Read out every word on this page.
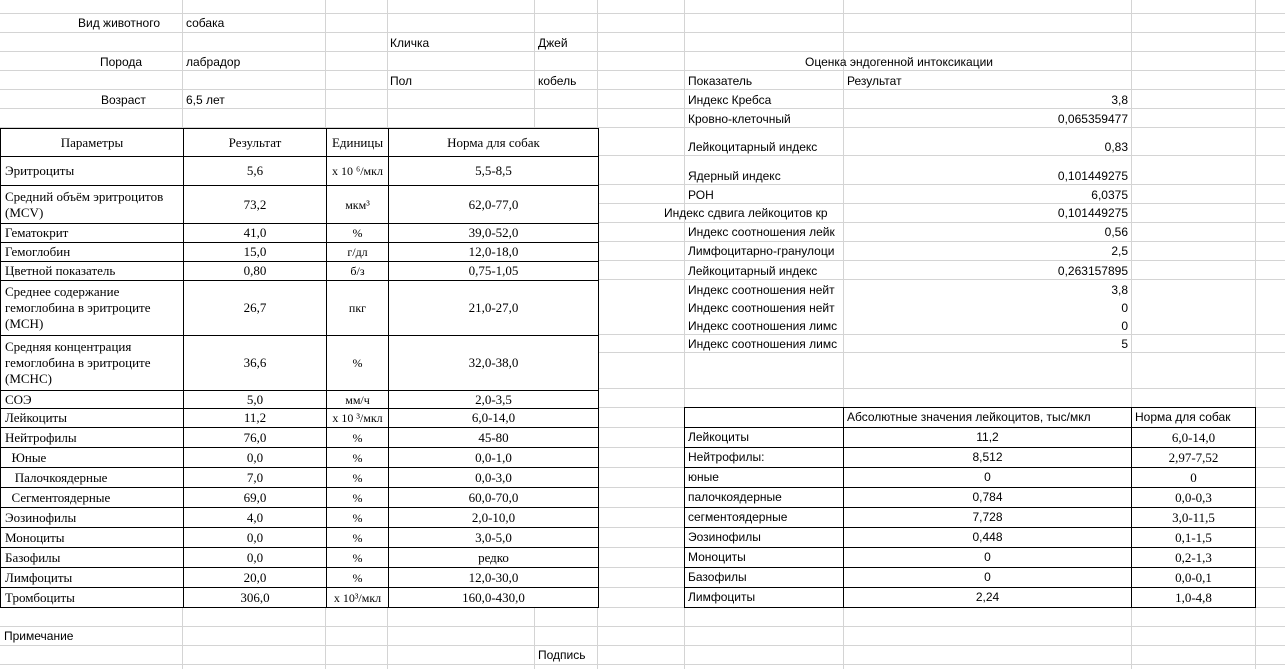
Вид животного собака
Порода	лабрадор
Возраст	6,5 лет
Кличка	Джей
Пол	кобель
Параметры	Результат	Единицы	Норма для собак
Эритроциты	5,6	x 10 ⁶/мкл	5,5-8,5
Средний объём эритроцитов (MCV)	73,2	мкм³	62,0-77,0
Гематокрит	41,0	%	39,0-52,0
Гемоглобин	15,0	г/дл	12,0-18,0
Цветной показатель	0,80	б/з	0,75-1,05
Среднее содержание гемоглобина в эритроците (MCH)	26,7	пкг	21,0-27,0
Средняя концентрация гемоглобина в эритроците (MCHC)	36,6	%	32,0-38,0
СОЭ	5,0	мм/ч	2,0-3,5
Лейкоциты	11,2	x 10 ³/мкл	6,0-14,0
Нейтрофилы	76,0	%	45-80
Юные	0,0	%	0,0-1,0
Палочкоядерные	7,0	%	0,0-3,0
Сегментоядерные	69,0	%	60,0-70,0
Эозинофилы	4,0	%	2,0-10,0
Моноциты	0,0	%	3,0-5,0
Базофилы	0,0	%	редко
Лимфоциты	20,0	%	12,0-30,0
Тромбоциты	306,0	x 10³/мкл	160,0-430,0
Оценка эндогенной интоксикации
Показатель	Результат
Индекс Кребса	3,8
Кровно-клеточный	0,065359477
Лейкоцитарный индекс	0,83
Ядерный индекс	0,101449275
РОН	6,0375
Индекс сдвига лейкоцитов кр	0,101449275
Индекс соотношения лейк	0,56
Лимфоцитарно-гранулоци	2,5
Лейкоцитарный индекс	0,263157895
Индекс соотношения нейт	3,8
Индекс соотношения нейт	0
Индекс соотношения лимс	0
Индекс соотношения лимс	5
	Абсолютные значения лейкоцитов, тыс/мкл	Норма для собак
Лейкоциты	11,2	6,0-14,0
Нейтрофилы:	8,512	2,97-7,52
юные	0	0
палочкоядерные	0,784	0,0-0,3
сегментоядерные	7,728	3,0-11,5
Эозинофилы	0,448	0,1-1,5
Моноциты	0	0,2-1,3
Базофилы	0	0,0-0,1
Лимфоциты	2,24	1,0-4,8
Примечание
Подпись
